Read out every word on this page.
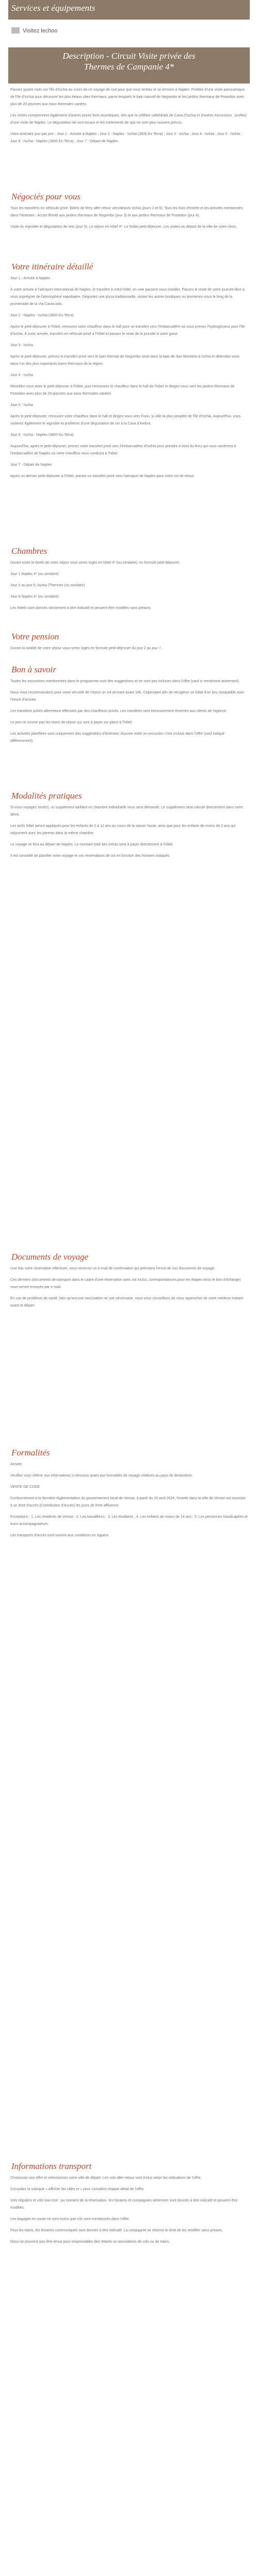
Services et équipements
Visitez lechoo
Description - Circuit Visite privée des
Thermes de Campanie 4*

Passez quatre nuits sur l'île d'Ischia au cours de ce voyage de nuit pour que vous tentiez et se termine à Naples. Profitez d'une visite panoramique de l'île d'Ischia pour découvrir les plus beaux sites thermaux, parmi lesquels le bain naturel de Negombo et les jardins thermaux de Poseidon avec plus de 20 piscines aux eaux thermales variées.

Les visites comprennent également d'autres points forts touristiques, tels que la célèbre cathédrale de Cava d'Ischia et d'autres excursions : profitez d'une visite de Naples. Le dégustation de vins locaux et les traitements de spa ne sont plus souvent prévus.

Votre itinéraire jour par jour : Jour 1 - Arrivée à Naples ; Jour 2 - Naples - Ischia (3600 Ex-Terra) ; Jour 3 - Ischia ; Jour 4 - Ischia ; Jour 5 - Ischia ; Jour 6 - Ischia - Naples (3600 Ex-Terra) ; Jour 7 - Départ de Naples

Négociés pour vous

Tous les transferts en véhicule privé. Billets de ferry aller-retour vers/depuis Ischia (jours 2 et 6). Tous les frais d'entrée et les activités mentionnés dans l'itinéraire : Accès illimité aux jardins thermaux de Negombo (jour 3) et aux jardins thermaux de Poseidon (jour 4).

Visite du vignoble et dégustation de vins (jour 5). Le séjour en hôtel 4*. Le forfait petit-déjeuner. Les visites au départ de la ville de votre choix.

Votre itinéraire détaillé

Jour 1 - Arrivée à Naples

À votre arrivée à l'aéroport international de Naples, le transfert à votre hôtel, en voie passent vous installer. Passez le reste de votre journée libre à vous imprégner de l'atmosphère napolitaine. Dégustez une pizza traditionnelle, visitez les autres boutiques ou promenez-vous le long de la promenade de la Via Caracciolo.

Jour 2 - Naples - Ischia (3600 Ex-Terra)

Après le petit-déjeuner à l'hôtel, retrouvez votre chauffeur dans le hall pour un transfert vers l'embarcadère où vous prenez l'hydroglisseur pour l'île d'Ischia. À votre arrivée, transfert en véhicule privé à l'hôtel et passez le reste de la journée à votre guise.

Jour 3 - Ischia

Après le petit-déjeuner, prenez le transfert privé vers le bain thermal de Negombo situé dans la baie de San Montano à Ischia et détendez-vous dans l'un des plus importants bains thermaux de la région.

Jour 4 - Ischia

Réveillez-vous avec le petit-déjeuner à l'hôtel, puis rencontrez le chauffeur dans le hall de l'hôtel et dirigez-vous vers les jardins thermaux de Poseidon avec plus de 20 piscines aux eaux thermales variées.

Jour 5 - Ischia

Après le petit-déjeuner, retrouvez votre chauffeur dans le hall et dirigez-vous vers Forio, la ville la plus peuplée de l'île d'Ischia. Aujourd'hui, vous visiterez également le vignoble et profiterez d'une dégustation de vin à la Cava d'Ambra.

Jour 6 - Ischia - Naples (3600 Ex-Terra)

Aujourd'hui, après le petit-déjeuner, prenez votre transfert privé vers l'embarcadère d'Ischia pour prendre à bord du ferry qui vous ramènera à l'embarcadère de Naples où votre chauffeur vous conduira à l'hôtel.

Jour 7 - Départ de Naples

Après un dernier petit-déjeuner à l'hôtel, prenez un transfert privé vers l'aéroport de Naples pour votre vol de retour.

Chambres

Durant toute la durée de votre séjour vous serez logés en hôtel 4* (ou similaire), en formule petit-déjeuner.

Jour 1 Naples 4* (ou similaire)

Jour 2 au jour 5: Ischia (Thermes (ou similaire)

Jour 6 Naples 4* (ou similaire)

Les hôtels sont donnés strictement à titre indicatif et peuvent être modifiés sans préavis.

Votre pension

Durant la totalité de votre séjour vous serez logés en formule petit-déjeuner du jour 2 au jour 7.

Bon à savoir

Toutes les excursions mentionnées dans le programme sont des suggestions et ne sont pas incluses dans l'offre (sauf si mentionné autrement).

Nous vous recommandons pour votre sécurité de choisir un vol arrivant avant 16h. Cependant afin de récupérer un hôtel d'un lieu compatible avec l'heure d'arrivée.

Les transferts privés aller/retour effectués par des chauffeurs privés. Les transferts sont exclusivement réservés aux clients de l'agence.

Le prix ne couvre pas les taxes de séjour qui sont à payer sur place à l'hôtel.

Les activités planifiées sont uniquement des suggestions d'itinéraire. Aucune visite ou excursion n'est incluse dans l'offre (sauf indiqué différemment).

Modalités pratiques

Si vous voyagez seul(e), un supplément tarifaire en chambre individuelle vous sera demandé. Le supplément sera calculé directement dans votre devis.

Les tarifs hôtel seront appliqués pour les enfants de 2 à 12 ans au cours de la saison haute, ainsi que pour les enfants de moins de 2 ans qui séjournent avec les parents dans la même chambre.

Le voyage se fera au départ de Naples. Le montant total des extras sera à payer directement à l'hôtel.

Il est conseillé de planifier votre voyage et vos réservations de vol en fonction des horaires indiqués.

Documents de voyage

Une fois votre réservation effectuée, vous recevrez un e-mail de confirmation qui précisera l'envoi de vos documents de voyage.

Ces derniers (documents de transport dans le cadre d'une réservation avec vol inclus, correspondances pour les étapes et/ou le bon d'échange) vous seront envoyés par e-mail.

En cas de problème de santé, bien qu'aucune vaccination ne soit nécessaire, nous vous conseillons de vous rapprocher de votre médecin traitant avant le départ.

Formalités

Arrivée

Veuillez vous référer aux informations ci-dessous quant aux formalités de voyage relatives au pays de destination.

VENTE DE CODE

Conformément à la dernière réglementation du gouvernement local de Venise, à partir du 25 avril 2024, l'entrée dans la ville de Venise est soumise à un droit d'accès (Contribution d'Accès) les jours de forte affluence.

Exceptions : 1. Les résidents de Venise ; 2. Les travailleurs ; 3. Les étudiants ; 4. Les enfants de moins de 14 ans ; 5. Les personnes handicapées et leurs accompagnateurs.

Les transports d'accès sont soumis aux conditions en vigueur.

Informations transport

Choisissez une offre et sélectionnez votre ville de départ. Les vols aller-retour sont inclus selon les indications de l'offre.

Consultez la rubrique « Afficher les villes et » pour connaître chaque détail de l'offre.

Vols réguliers et vols low-cost : au moment de la réservation, les horaires et compagnies aériennes sont donnés à titre indicatif et peuvent être modifiés.

Les bagages en soute ne sont inclus que s'ils sont mentionnés dans l'offre.

Pour les trains, les horaires communiqués sont donnés à titre indicatif. La compagnie se réserve le droit de les modifier sans préavis.

Nous ne pouvons pas être tenus pour responsables des retards ou annulations de vols ou de trains.
